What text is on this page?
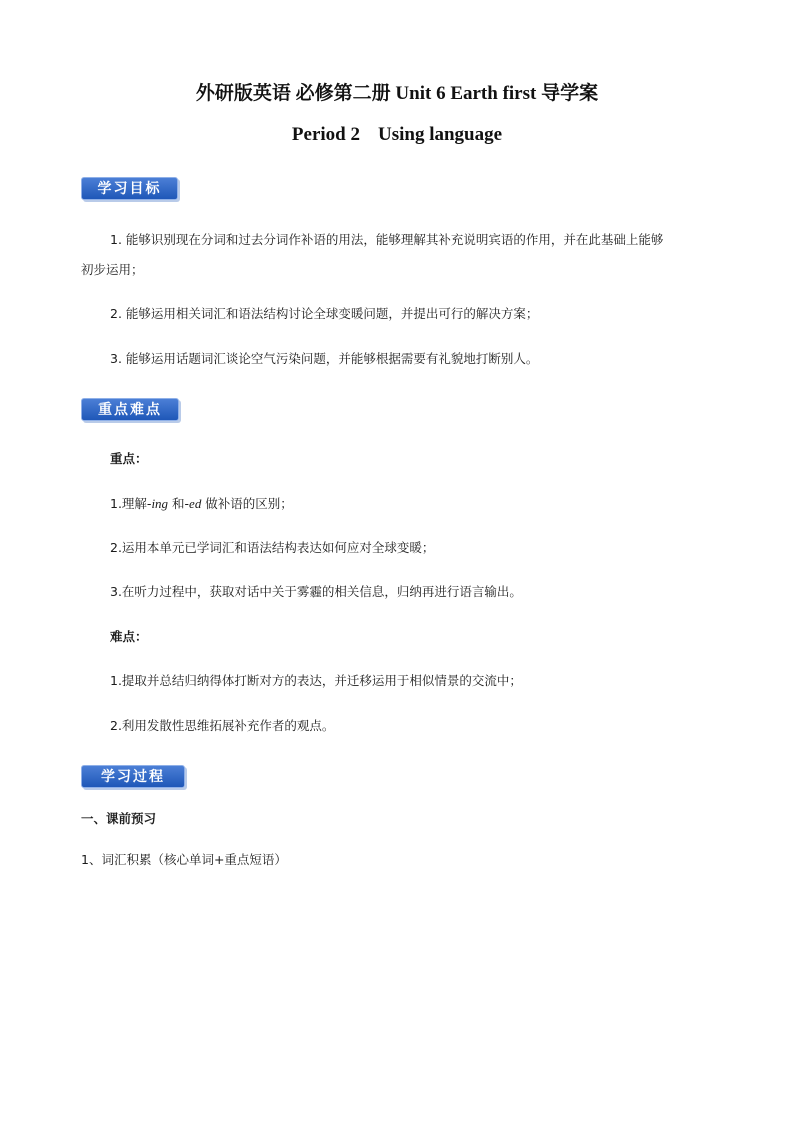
外研版英语 必修第二册 Unit 6 Earth first 导学案
Period 2 Using language
学习目标
1. 能够识别现在分词和过去分词作补语的用法，能够理解其补充说明宾语的作用，并在此基础上能够
初步运用；
2. 能够运用相关词汇和语法结构讨论全球变暖问题，并提出可行的解决方案；
3. 能够运用话题词汇谈论空气污染问题，并能够根据需要有礼貌地打断别人。
重点难点
重点：
1.理解-ing 和-ed 做补语的区别；
2.运用本单元已学词汇和语法结构表达如何应对全球变暖；
3.在听力过程中，获取对话中关于雾霾的相关信息，归纳再进行语言输出。
难点：
1.提取并总结归纳得体打断对方的表达，并迁移运用于相似情景的交流中；
2.利用发散性思维拓展补充作者的观点。
学习过程
一、课前预习
1、词汇积累（核心单词+重点短语）
